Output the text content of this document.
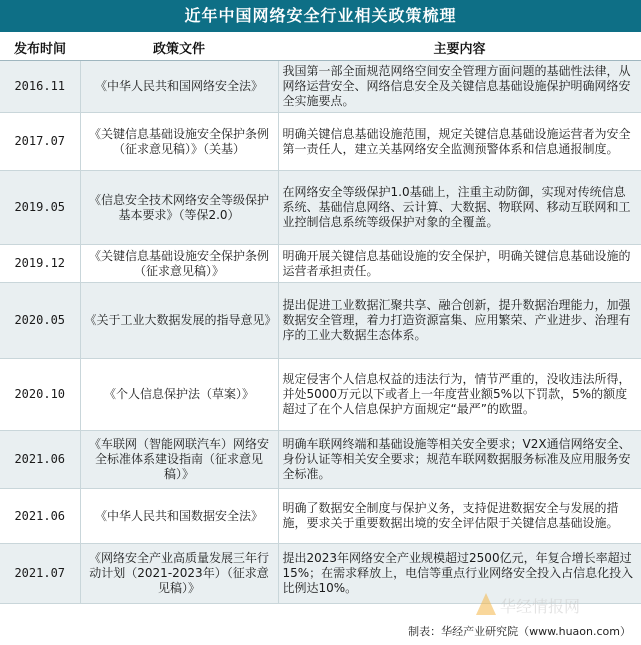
近年中国网络安全行业相关政策梳理
发布时间	政策文件	主要内容
2016.11	《中华人民共和国网络安全法》	我国第一部全面规范网络空间安全管理方面问题的基础性法律，从网络运营安全、网络信息安全及关键信息基础设施保护明确网络安全实施要点。
2017.07	《关键信息基础设施安全保护条例（征求意见稿）》（关基）	明确关键信息基础设施范围，规定关键信息基础设施运营者为安全第一责任人，建立关基网络安全监测预警体系和信息通报制度。
2019.05	《信息安全技术网络安全等级保护基本要求》（等保2.0）	在网络安全等级保护1.0基础上，注重主动防御，实现对传统信息系统、基础信息网络、云计算、大数据、物联网、移动互联网和工业控制信息系统等级保护对象的全覆盖。
2019.12	《关键信息基础设施安全保护条例（征求意见稿）》	明确开展关键信息基础设施的安全保护，明确关键信息基础设施的运营者承担责任。
2020.05	《关于工业大数据发展的指导意见》	提出促进工业数据汇聚共享、融合创新，提升数据治理能力，加强数据安全管理，着力打造资源富集、应用繁荣、产业进步、治理有序的工业大数据生态体系。
2020.10	《个人信息保护法（草案）》	规定侵害个人信息权益的违法行为，情节严重的，没收违法所得，并处5000万元以下或者上一年度营业额5%以下罚款，5%的额度超过了在个人信息保护方面规定“最严”的欧盟。
2021.06	《车联网（智能网联汽车）网络安全标准体系建设指南（征求意见稿）》	明确车联网终端和基础设施等相关安全要求；V2X通信网络安全、身份认证等相关安全要求；规范车联网数据服务标准及应用服务安全标准。
2021.06	《中华人民共和国数据安全法》	明确了数据安全制度与保护义务，支持促进数据安全与发展的措施，要求关于重要数据出境的安全评估限于关键信息基础设施。
2021.07	《网络安全产业高质量发展三年行动计划（2021-2023年）（征求意见稿）》	提出2023年网络安全产业规模超过2500亿元，年复合增长率超过15%；在需求释放上，电信等重点行业网络安全投入占信息化投入比例达10%。
华经情报网
制表：华经产业研究院（www.huaon.com）
